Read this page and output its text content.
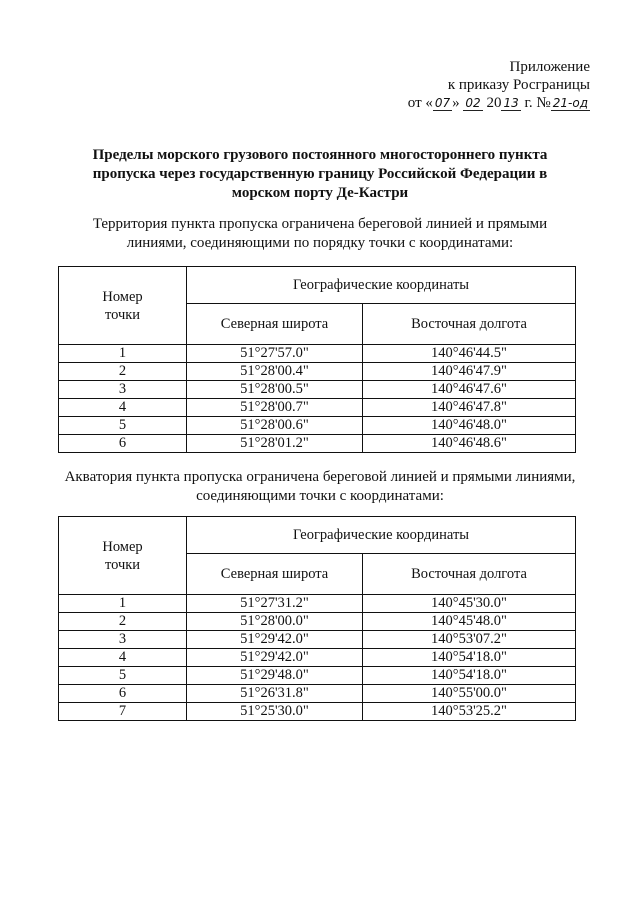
Приложение
к приказу Росграницы
от « 07 » 02 20 13 г. № 21-од
Пределы морского грузового постоянного многостороннего пункта
пропуска через государственную границу Российской Федерации в
морском порту Де-Кастри
Территория пункта пропуска ограничена береговой линией и прямыми
линиями, соединяющими по порядку точки с координатами:
Номер
точки	Географические координаты	
	Северная широта	Восточная долгота
1	51°27'57.0"	140°46'44.5"
2	51°28'00.4"	140°46'47.9"
3	51°28'00.5"	140°46'47.6"
4	51°28'00.7"	140°46'47.8"
5	51°28'00.6"	140°46'48.0"
6	51°28'01.2"	140°46'48.6"
Акватория пункта пропуска ограничена береговой линией и прямыми линиями,
соединяющими точки с координатами:
Номер
точки	Географические координаты	
	Северная широта	Восточная долгота
1	51°27'31.2"	140°45'30.0"
2	51°28'00.0"	140°45'48.0"
3	51°29'42.0"	140°53'07.2"
4	51°29'42.0"	140°54'18.0"
5	51°29'48.0"	140°54'18.0"
6	51°26'31.8"	140°55'00.0"
7	51°25'30.0"	140°53'25.2"
